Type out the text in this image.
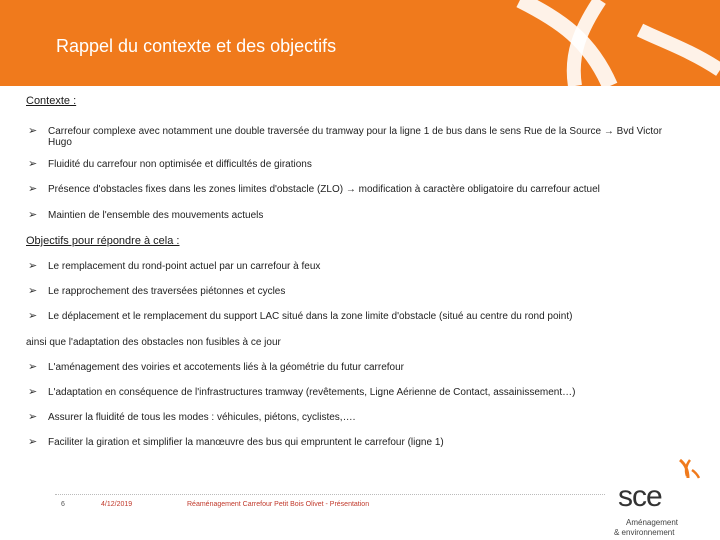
Rappel du contexte et des objectifs
Contexte :
➢ Carrefour complexe avec notamment une double traversée du tramway pour la ligne 1 de bus dans le sens Rue de la Source → Bvd Victor Hugo
➢ Fluidité du carrefour non optimisée et difficultés de girations
➢ Présence d'obstacles fixes dans les zones limites d'obstacle (ZLO) → modification à caractère obligatoire du carrefour actuel
➢ Maintien de l'ensemble des mouvements actuels
Objectifs pour répondre à cela :
➢ Le remplacement du rond-point actuel par un carrefour à feux
➢ Le rapprochement des traversées piétonnes et cycles
➢ Le déplacement et le remplacement du support LAC situé dans la zone limite d'obstacle (situé au centre du rond point)
ainsi que l'adaptation des obstacles non fusibles à ce jour
➢ L'aménagement des voiries et accotements liés à la géométrie du futur carrefour
➢ L'adaptation en conséquence de l'infrastructures tramway (revêtements, Ligne Aérienne de Contact, assainissement…)
➢ Assurer la fluidité de tous les modes : véhicules, piétons, cyclistes,….
➢ Faciliter la giration et simplifier la manœuvre des bus qui empruntent le carrefour (ligne 1)
6	4/12/2019	Réaménagement Carrefour Petit Bois Olivet - Présentation	sce
Aménagement
& environnement
